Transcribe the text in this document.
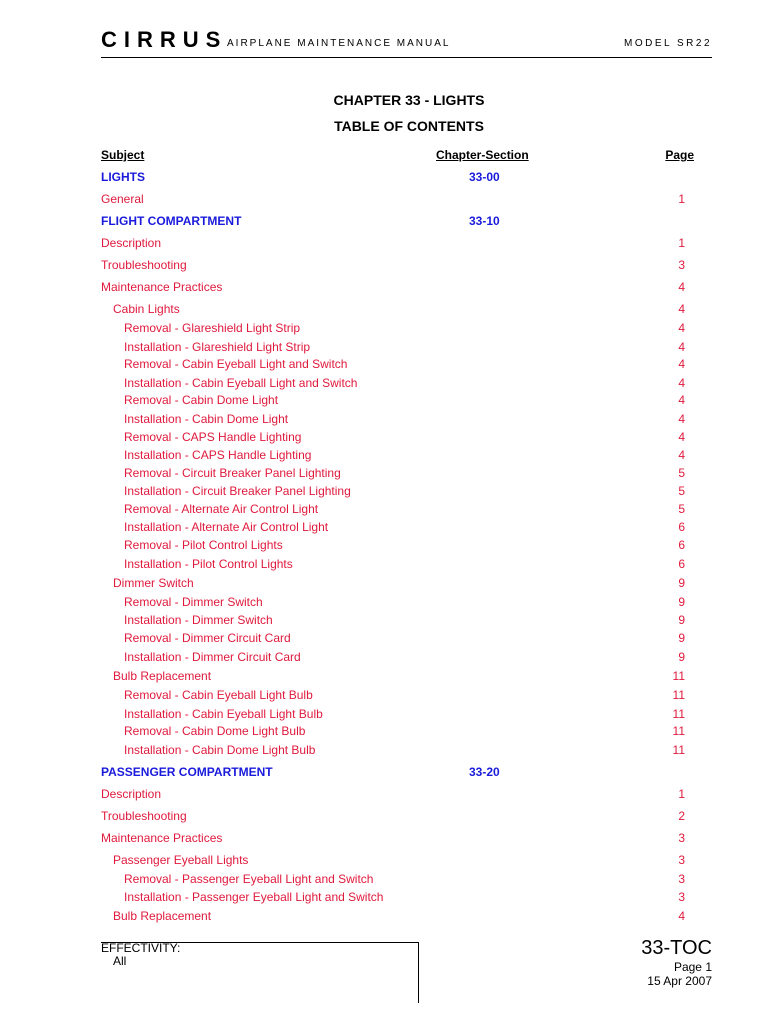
CIRRUS AIRPLANE MAINTENANCE MANUAL	MODEL SR22
CHAPTER 33 - LIGHTS
TABLE OF CONTENTS
Subject	Chapter-Section	Page
LIGHTS	33-00
General	1
FLIGHT COMPARTMENT	33-10
Description	1
Troubleshooting	3
Maintenance Practices	4
Cabin Lights	4
Removal - Glareshield Light Strip	4
Installation - Glareshield Light Strip	4
Removal - Cabin Eyeball Light and Switch	4
Installation - Cabin Eyeball Light and Switch	4
Removal - Cabin Dome Light	4
Installation - Cabin Dome Light	4
Removal - CAPS Handle Lighting	4
Installation - CAPS Handle Lighting	4
Removal - Circuit Breaker Panel Lighting	5
Installation - Circuit Breaker Panel Lighting	5
Removal - Alternate Air Control Light	5
Installation - Alternate Air Control Light	6
Removal - Pilot Control Lights	6
Installation - Pilot Control Lights	6
Dimmer Switch	9
Removal - Dimmer Switch	9
Installation - Dimmer Switch	9
Removal - Dimmer Circuit Card	9
Installation - Dimmer Circuit Card	9
Bulb Replacement	11
Removal - Cabin Eyeball Light Bulb	11
Installation - Cabin Eyeball Light Bulb	11
Removal - Cabin Dome Light Bulb	11
Installation - Cabin Dome Light Bulb	11
PASSENGER COMPARTMENT	33-20
Description	1
Troubleshooting	2
Maintenance Practices	3
Passenger Eyeball Lights	3
Removal - Passenger Eyeball Light and Switch	3
Installation - Passenger Eyeball Light and Switch	3
Bulb Replacement	4
EFFECTIVITY:
All
33-TOC
Page 1
15 Apr 2007
